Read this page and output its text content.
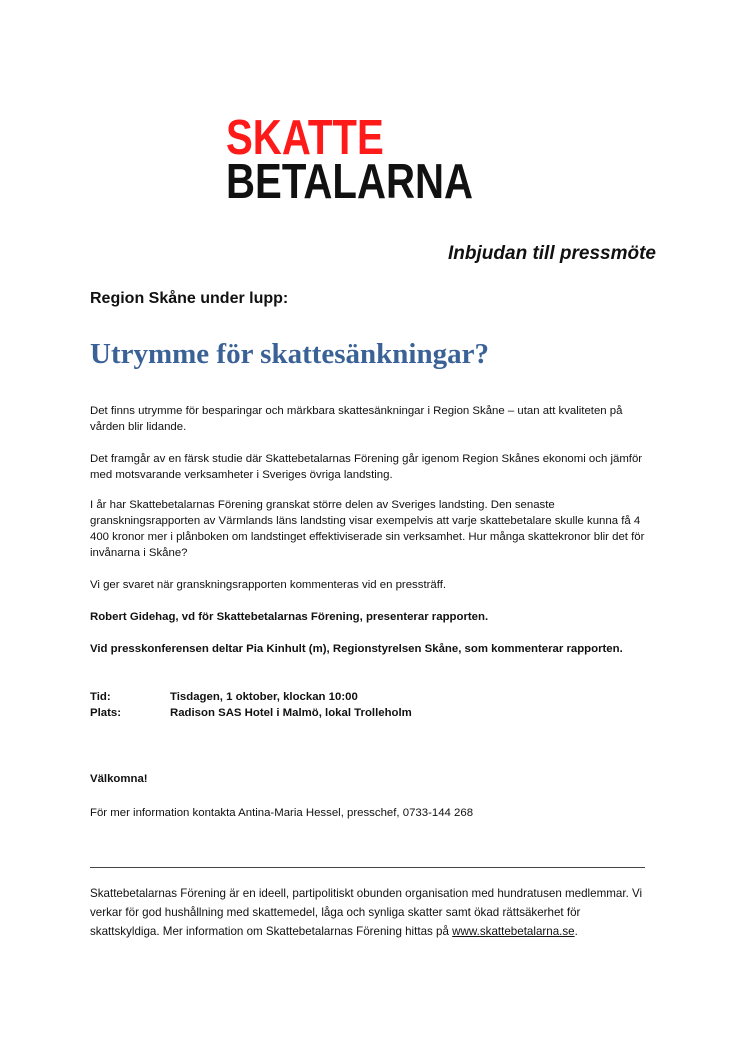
SKATTE
BETALARNA
Inbjudan till pressmöte
Region Skåne under lupp:
Utrymme för skattesänkningar?

Det finns utrymme för besparingar och märkbara skattesänkningar i Region Skåne – utan att kvaliteten på vården blir lidande.

Det framgår av en färsk studie där Skattebetalarnas Förening går igenom Region Skånes ekonomi och jämför med motsvarande verksamheter i Sveriges övriga landsting.

I år har Skattebetalarnas Förening granskat större delen av Sveriges landsting. Den senaste granskningsrapporten av Värmlands läns landsting visar exempelvis att varje skattebetalare skulle kunna få 4 400 kronor mer i plånboken om landstinget effektiviserade sin verksamhet. Hur många skattekronor blir det för invånarna i Skåne?

Vi ger svaret när granskningsrapporten kommenteras vid en pressträff.

Robert Gidehag, vd för Skattebetalarnas Förening, presenterar rapporten.

Vid presskonferensen deltar Pia Kinhult (m), Regionstyrelsen Skåne, som kommenterar rapporten.

Tid:	Tisdagen, 1 oktober, klockan 10:00
Plats:	Radison SAS Hotel i Malmö, lokal Trolleholm

Välkomna!

För mer information kontakta Antina-Maria Hessel, presschef, 0733-144 268

Skattebetalarnas Förening är en ideell, partipolitiskt obunden organisation med hundratusen medlemmar. Vi verkar för god hushållning med skattemedel, låga och synliga skatter samt ökad rättsäkerhet för skattskyldiga. Mer information om Skattebetalarnas Förening hittas på www.skattebetalarna.se.
